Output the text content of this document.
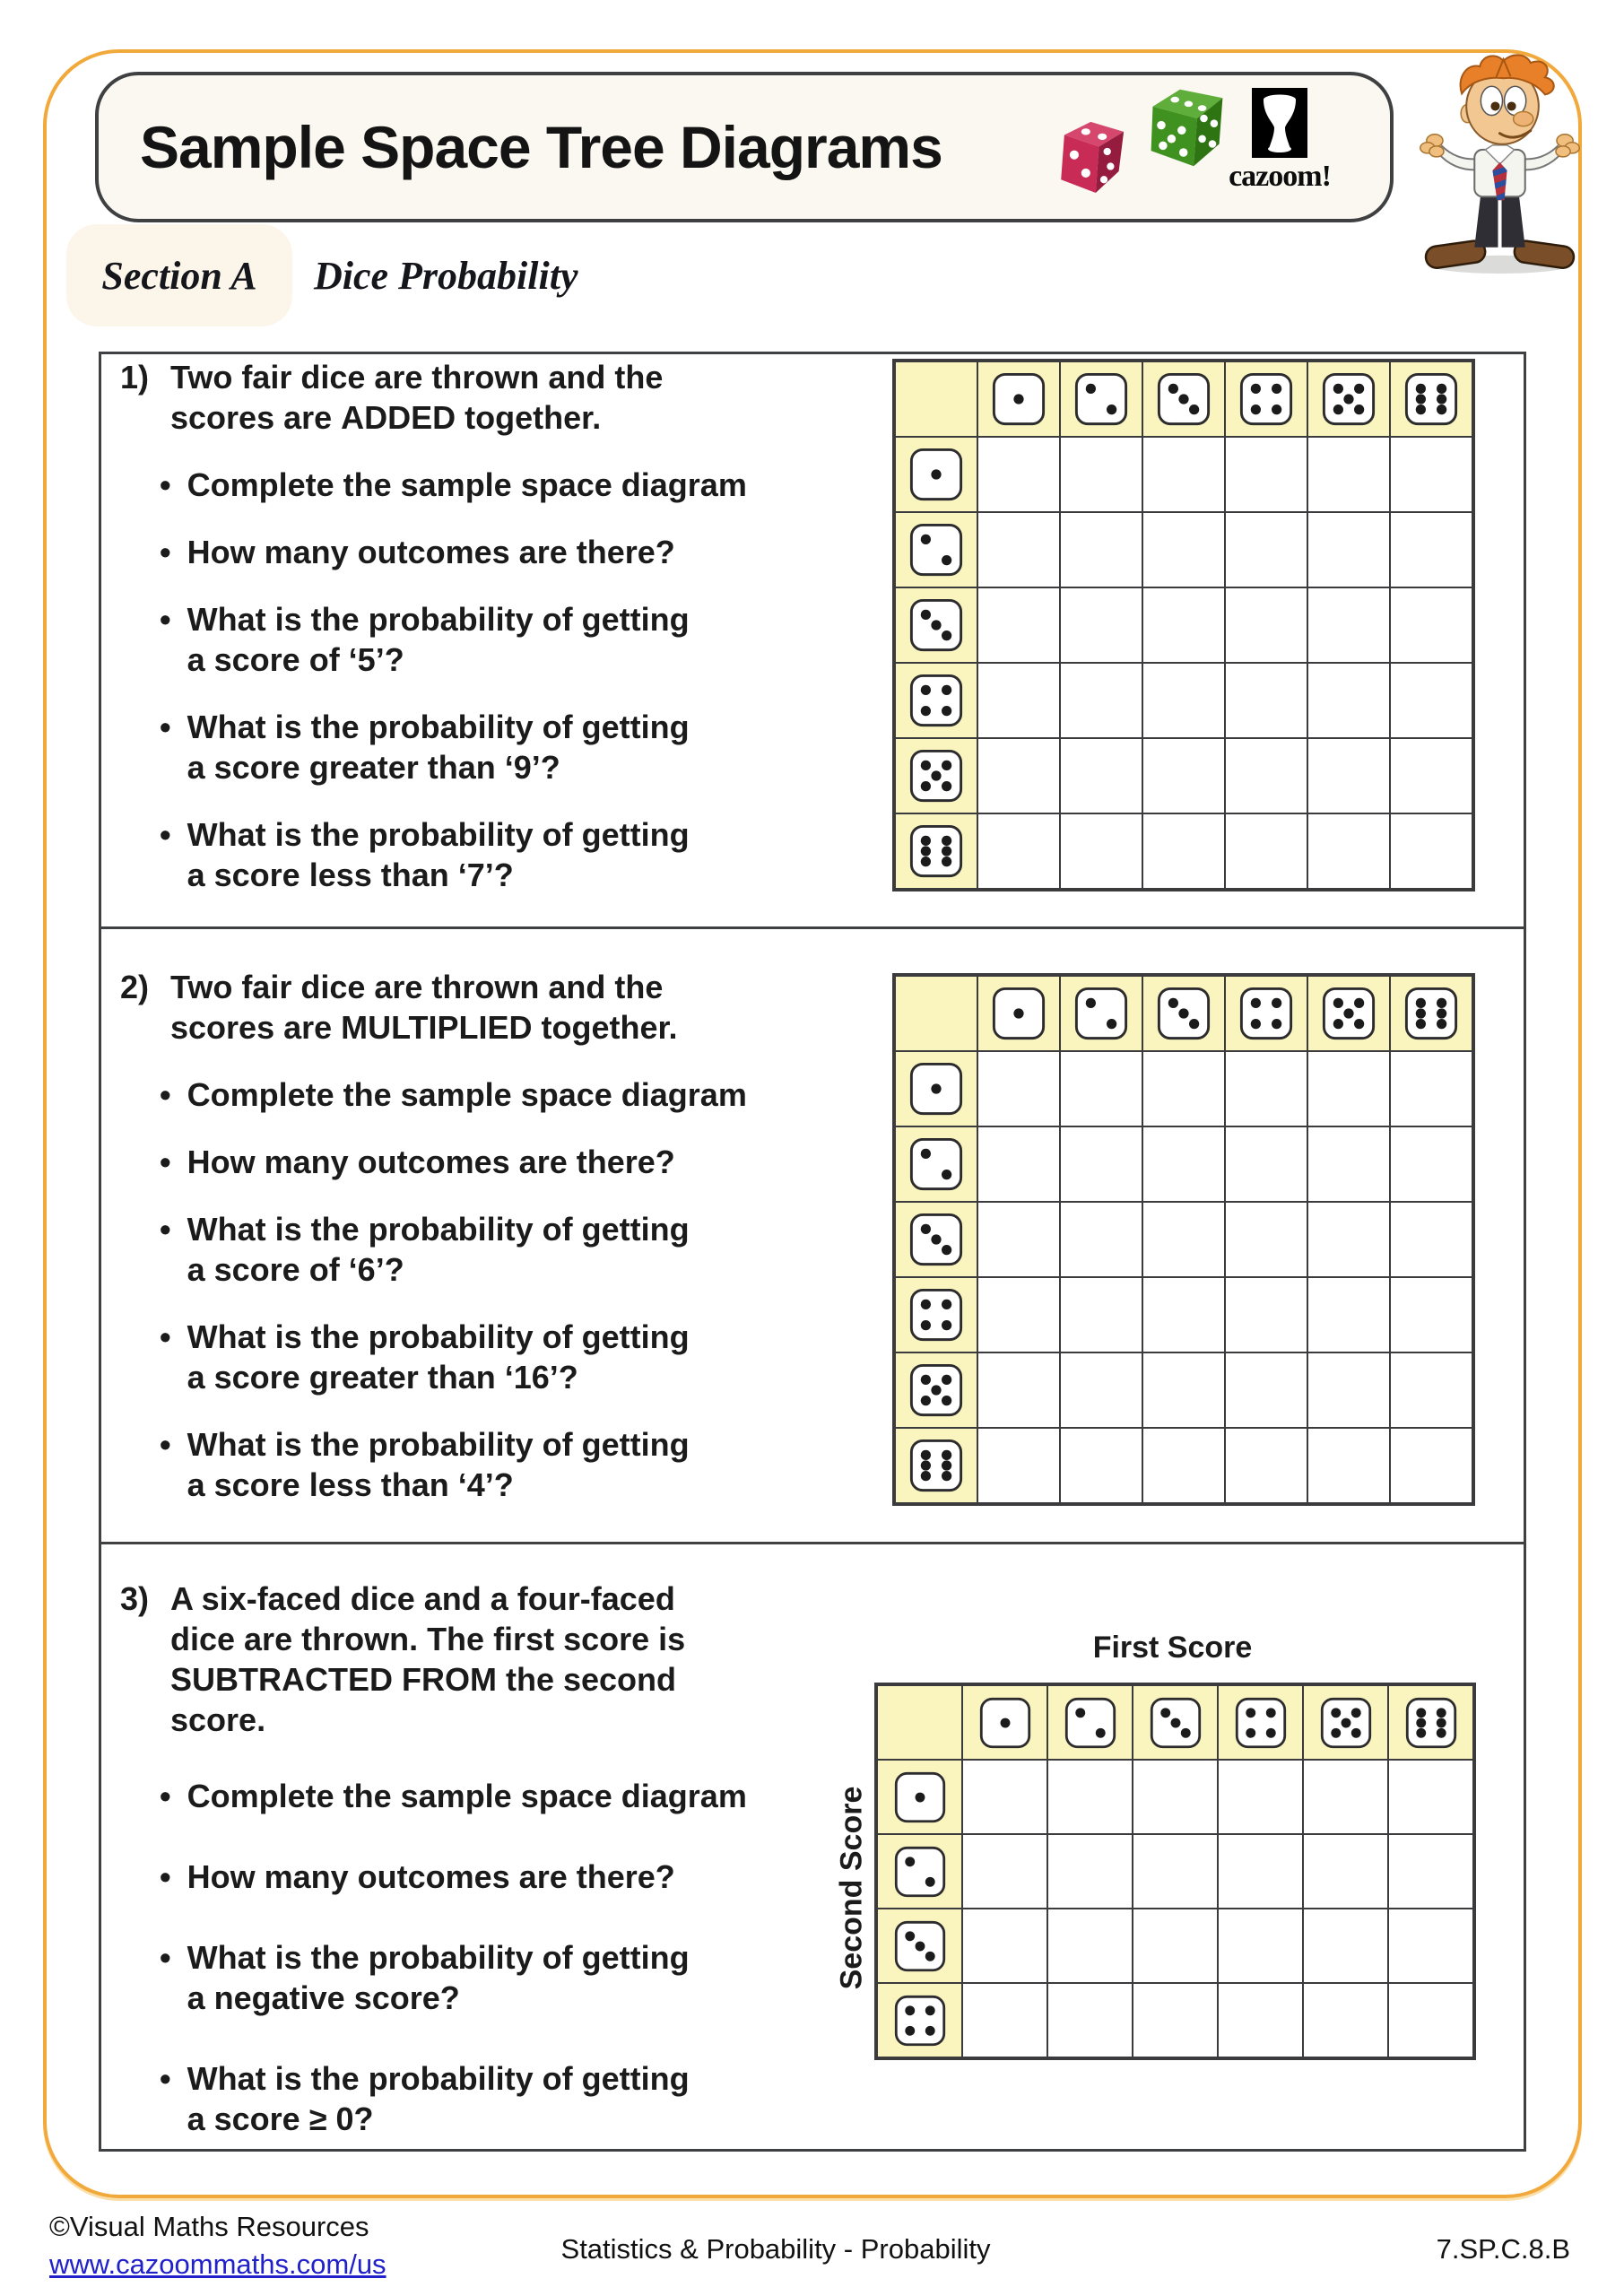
Sample Space Tree Diagrams	cazoom!
Section A Dice Probability
1) Two fair dice are thrown and the
scores are ADDED together.
• Complete the sample space diagram
• How many outcomes are there?
• What is the probability of getting
a score of ‘5’?
• What is the probability of getting
a score greater than ‘9’?
• What is the probability of getting
a score less than ‘7’?
2) Two fair dice are thrown and the
scores are MULTIPLIED together.
• Complete the sample space diagram
• How many outcomes are there?
• What is the probability of getting
a score of ‘6’?
• What is the probability of getting
a score greater than ‘16’?
• What is the probability of getting
a score less than ‘4’?
3) A six-faced dice and a four-faced
dice are thrown. The first score is
SUBTRACTED FROM the second
score.
• Complete the sample space diagram
• How many outcomes are there?
• What is the probability of getting
a negative score?
• What is the probability of getting
a score ≥ 0?
First Score
Second Score
©Visual Maths Resources
www.cazoommaths.com/us	Statistics & Probability - Probability	7.SP.C.8.B
